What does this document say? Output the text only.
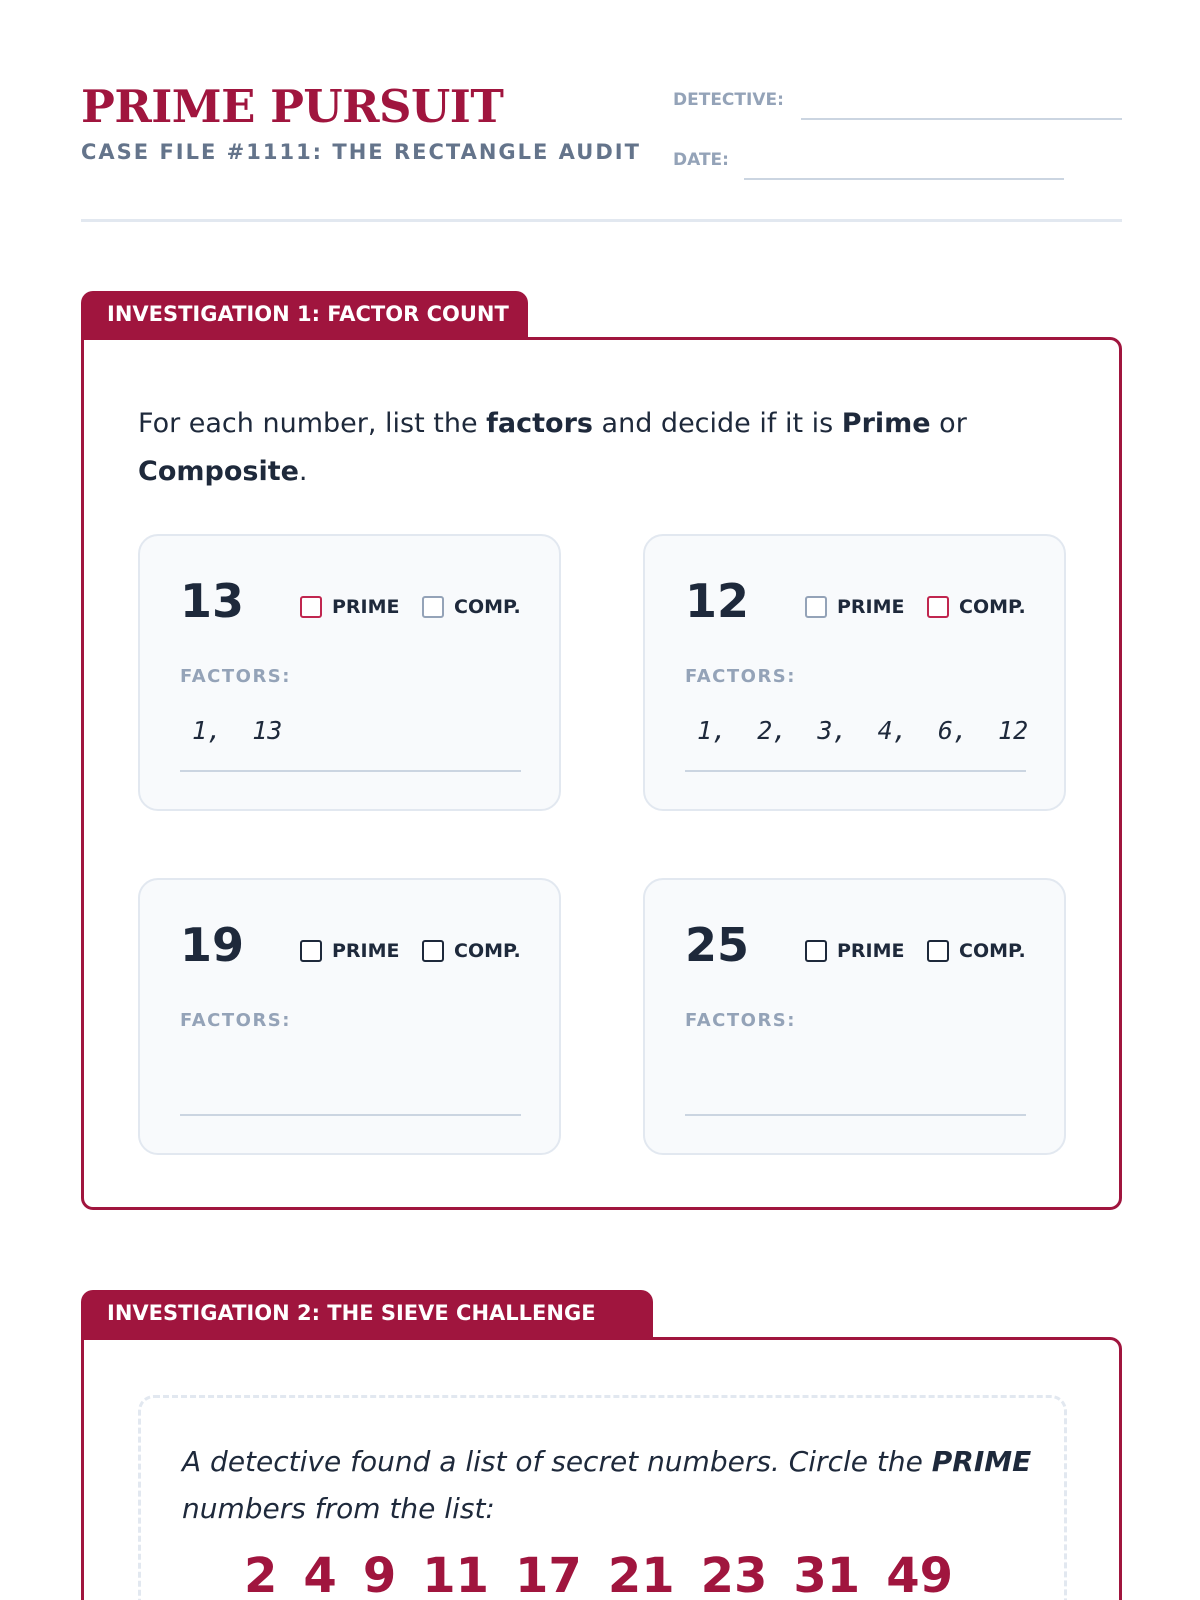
PRIME PURSUIT
CASE FILE #1111: THE RECTANGLE AUDIT
DETECTIVE:
DATE:
INVESTIGATION 1: FACTOR COUNT
For each number, list the factors and decide if it is Prime or Composite.
13	PRIME	COMP.
FACTORS:
1,  13
12	PRIME	COMP.
FACTORS:
1,  2,  3,  4,  6,  12
19	PRIME	COMP.
FACTORS:
25	PRIME	COMP.
FACTORS:
INVESTIGATION 2: THE SIEVE CHALLENGE
A detective found a list of secret numbers. Circle the PRIME numbers from the list:
2 4 9 11 17 21 23 31 49
